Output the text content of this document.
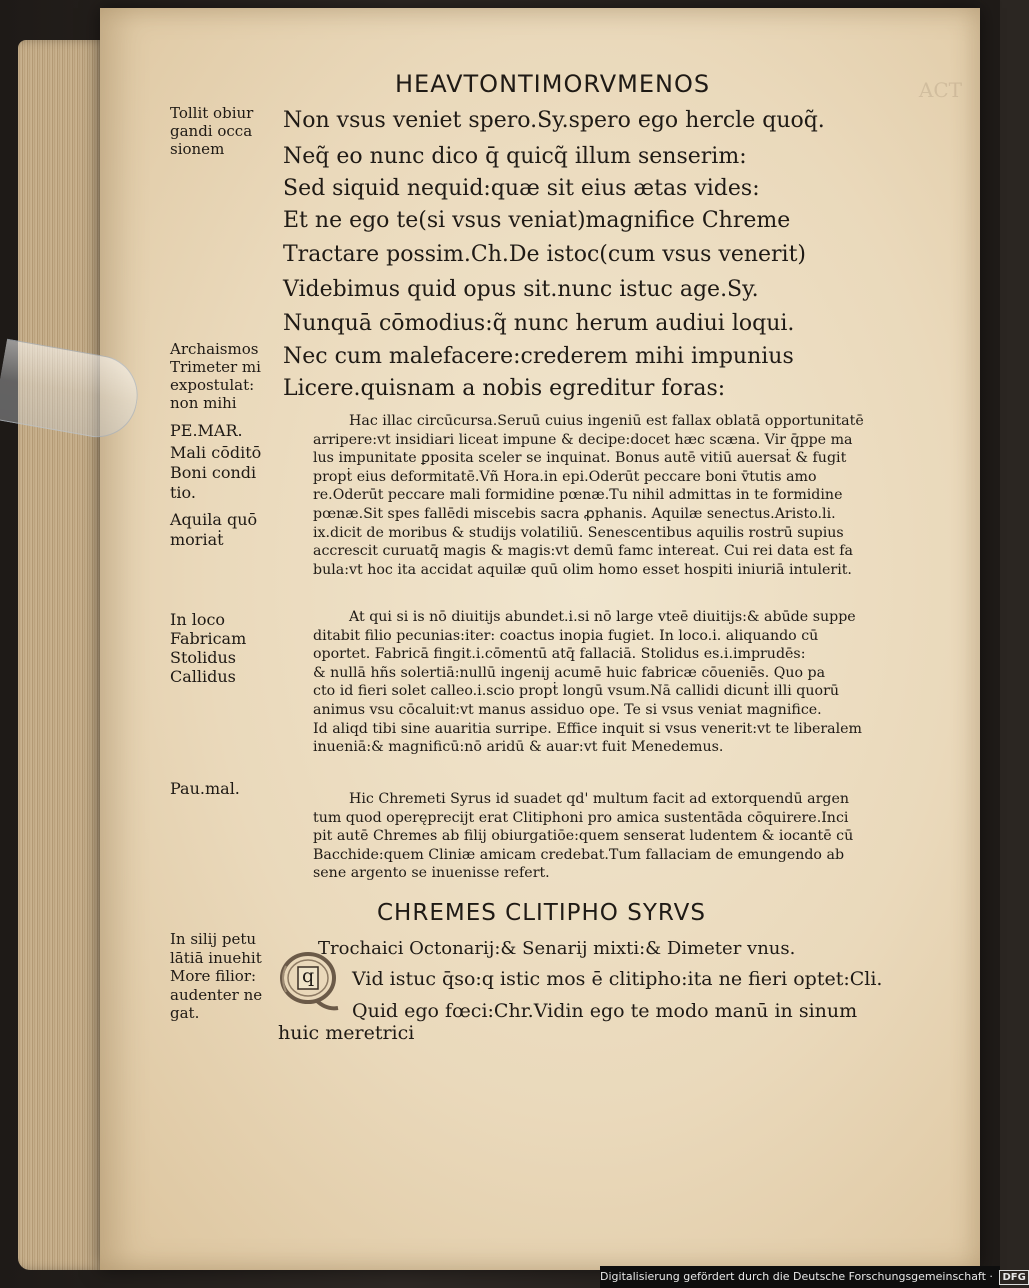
ACT
HEAVTONTIMORVMENOS
Tollit obiur
gandi occa
sionem
Archaismos
Trimeter mi
expostulat:
non mihi
PE.MAR.
Mali cōditō
Boni condi
tio.
Aquila quō
moriaṫ
In loco
Fabricam
Stolidus
Callidus
Pau.mal.
In silij petu
lātiā inuehit
More filior:
audenter ne
gat.
Non vsus veniet spero.Sy.spero ego hercle quoq̃.
Neq̃ eo nunc dico q̄ quicq̃ illum senserim:
Sed siquid nequid:quæ sit eius ætas vides:
Et ne ego te(si vsus veniat)magnifice Chreme
Tractare possim.Ch.De istoc(cum vsus venerit)
Videbimus quid opus sit.nunc istuc age.Sy.
Nunquā cōmodius:q̃ nunc herum audiui loqui.
Nec cum malefacere:crederem mihi impunius
Licere.quisnam a nobis egreditur foras:
Hac illac circūcursa.Seruū cuius ingeniū est fallax oblatā opportunitatē
arripere:vt insidiari liceat impune & decipe:docet hæc scæna. Vir q̄ppe ma
lus impunitate ꝑposita sceler se inquinat. Bonus autē vitiū auersaṫ & fugit
propṫ eius deformitatē.Vñ Hora.in epi.Oderūt peccare boni v̄tutis amo
re.Oderūt peccare mali formidine pœnæ.Tu nihil admittas in te formidine
pœnæ.Sit spes fallēdi miscebis sacra ꝓphanis. Aquilæ senectus.Aristo.li.
ix.dicit de moribus & studijs volatiliū. Senescentibus aquilis rostrū supius
accrescit curuatq̄ magis & magis:vt demū famc intereat. Cui rei data est fa
bula:vt hoc ita accidat aquilæ quū olim homo esset hospiti iniuriā intulerit.
At qui si is nō diuitijs abundet.i.si nō large vteē diuitijs:& abūde suppe
ditabit filio pecunias:iter: coactus inopia fugiet. In loco.i. aliquando cū
oportet. Fabricā fingit.i.cōmentū atq̄ fallaciā. Stolidus es.i.imprudēs:
& nullā hñs solertiā:nullū ingenij acumē huic fabricæ cōueniēs. Quo pa
cto id fieri solet calleo.i.scio propṫ longū vsum.Nā callidi dicunṫ illi quorū
animus vsu cōcaluit:vt manus assiduo ope. Te si vsus veniat magnifice.
Id aliqd tibi sine auaritia surripe. Effice inquit si vsus venerit:vt te liberalem
inueniā:& magnificū:nō aridū & auar:vt fuit Menedemus.
Hic Chremeti Syrus id suadet qd' multum facit ad extorquendū argen
tum quod operęprecijt erat Clitiphoni pro amica sustentāda cōquirere.Inci
pit autē Chremes ab filij obiurgatiōe:quem senserat ludentem & iocantē cū
Bacchide:quem Cliniæ amicam credebat.Tum fallaciam de emungendo ab
sene argento se inuenisse refert.
CHREMES CLITIPHO SYRVS
Trochaici Octonarij:& Senarij mixti:& Dimeter vnus.
q Vid istuc q̄so:q istic mos ē clitipho:ita ne fieri optet:Cli.
Quid ego fœci:Chr.Vidin ego te modo manū in sinum
huic meretrici
Digitalisierung gefördert durch die Deutsche Forschungsgemeinschaft · DFG
